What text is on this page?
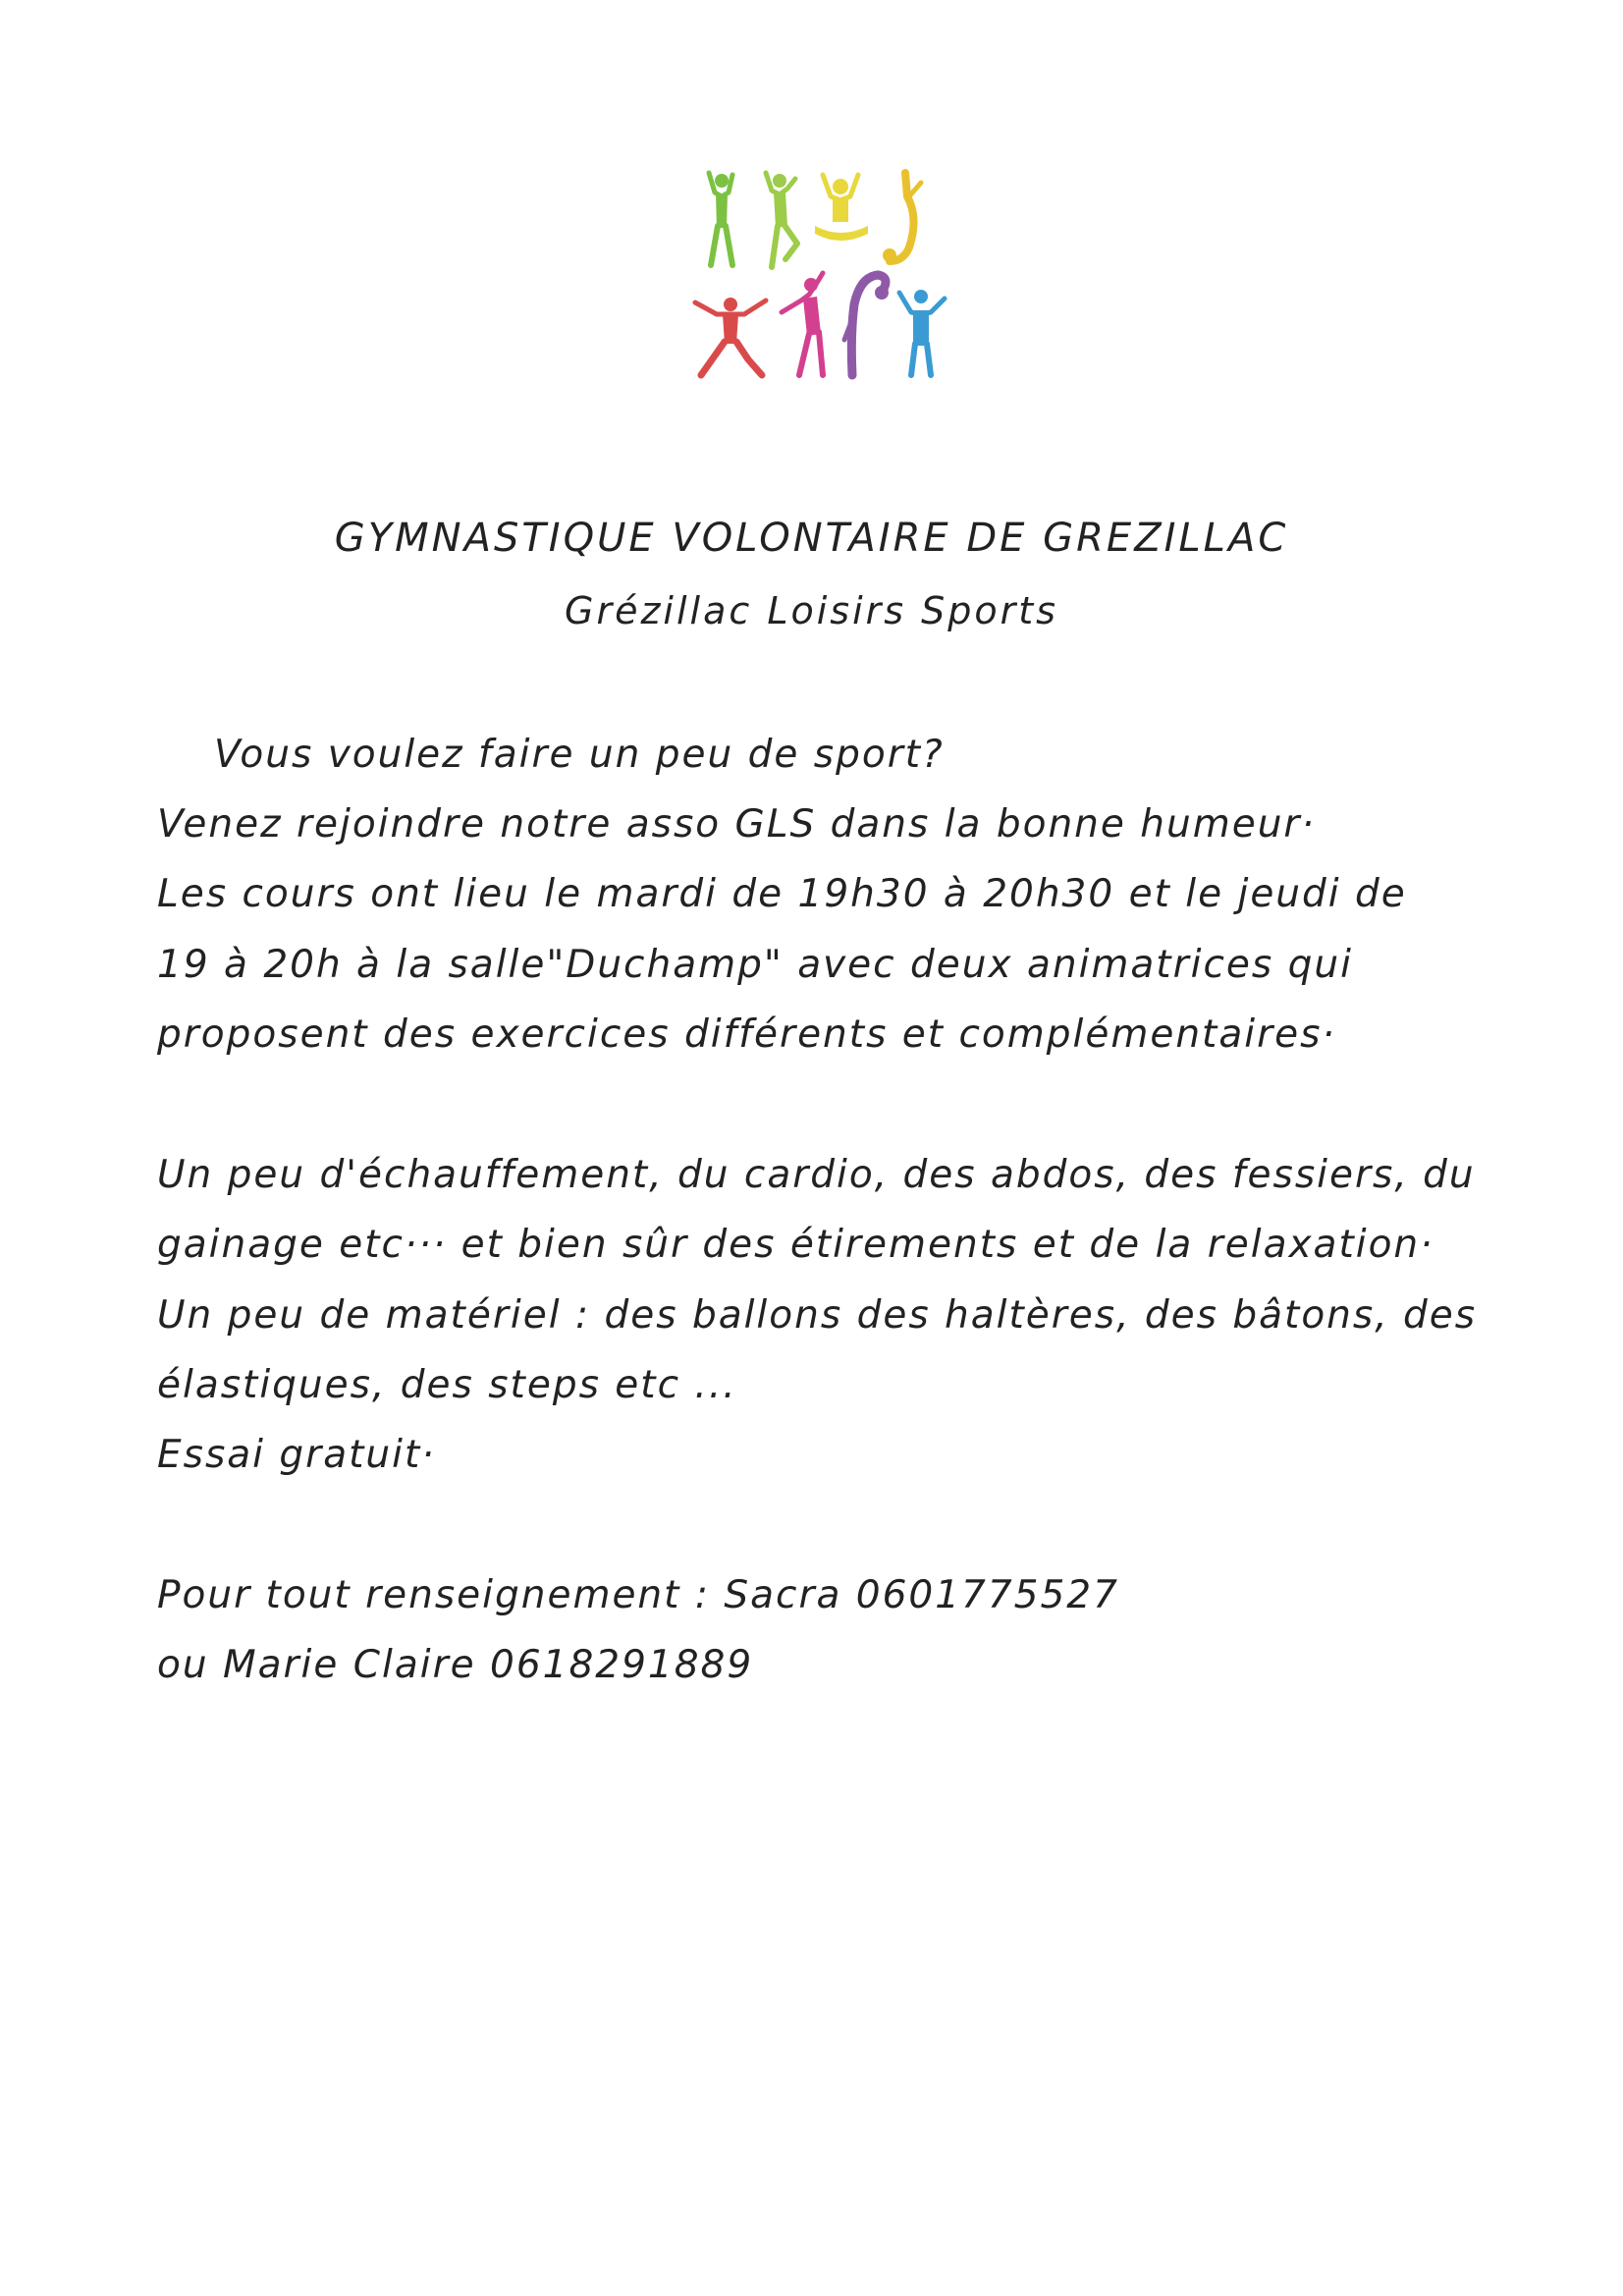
GYMNASTIQUE VOLONTAIRE DE GREZILLAC
Grézillac Loisirs Sports
Vous voulez faire un peu de sport?
Venez rejoindre notre asso GLS dans la bonne humeur·
Les cours ont lieu le mardi de 19h30 à 20h30 et le jeudi de
19 à 20h à la salle"Duchamp" avec deux animatrices qui
proposent des exercices différents et complémentaires·
Un peu d'échauffement, du cardio, des abdos, des fessiers, du
gainage etc··· et bien sûr des étirements et de la relaxation·
Un peu de matériel : des ballons des haltères, des bâtons, des
élastiques, des steps etc ...
Essai gratuit·
Pour tout renseignement : Sacra 0601775527
ou Marie Claire 0618291889
